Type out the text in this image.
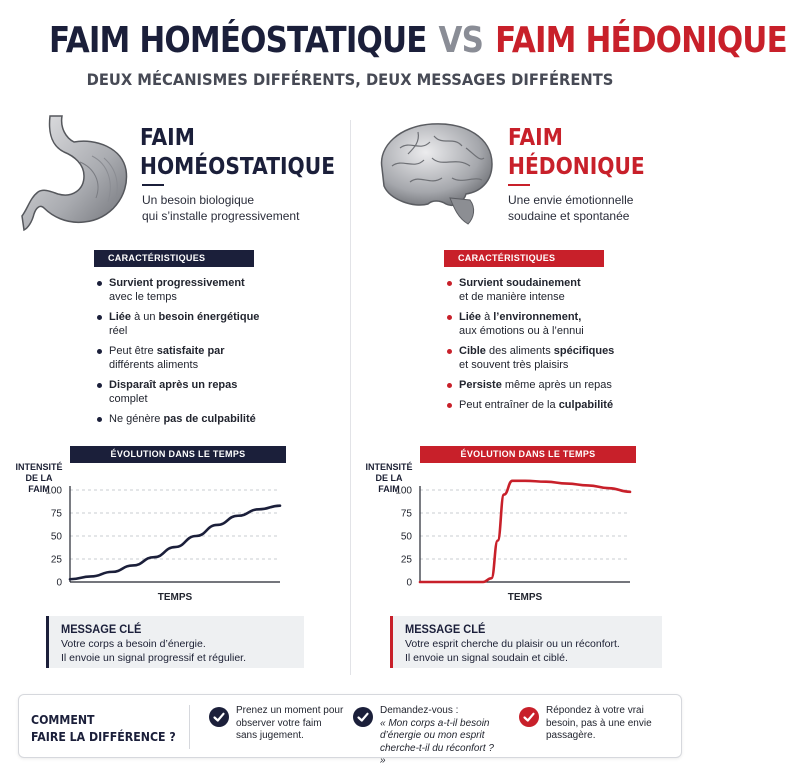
FAIM HOMÉOSTATIQUE VS FAIM HÉDONIQUE
DEUX MÉCANISMES DIFFÉRENTS, DEUX MESSAGES DIFFÉRENTS
FAIM
HOMÉOSTATIQUE
Un besoin biologique
qui s’installe progressivement
CARACTÉRISTIQUES
Survient progressivement
avec le temps
Liée à un besoin énergétique
réel
Peut être satisfaite par
différents aliments
Disparaît après un repas
complet
Ne génère pas de culpabilité
ÉVOLUTION DANS LE TEMPS
INTENSITÉ DE LA FAIM
100
75
50
25
0
TEMPS
MESSAGE CLÉ
Votre corps a besoin d’énergie.
Il envoie un signal progressif et régulier.
FAIM
HÉDONIQUE
Une envie émotionnelle
soudaine et spontanée
CARACTÉRISTIQUES
Survient soudainement
et de manière intense
Liée à l’environnement,
aux émotions ou à l’ennui
Cible des aliments spécifiques
et souvent très plaisirs
Persiste même après un repas
Peut entraîner de la culpabilité
ÉVOLUTION DANS LE TEMPS
INTENSITÉ DE LA FAIM
100
75
50
25
0
TEMPS
MESSAGE CLÉ
Votre esprit cherche du plaisir ou un réconfort.
Il envoie un signal soudain et ciblé.
COMMENT
FAIRE LA DIFFÉRENCE ?
Prenez un moment pour observer votre faim sans jugement.
Demandez-vous :
« Mon corps a-t-il besoin d’énergie ou mon esprit cherche-t-il du réconfort ? »
Répondez à votre vrai besoin, pas à une envie passagère.
